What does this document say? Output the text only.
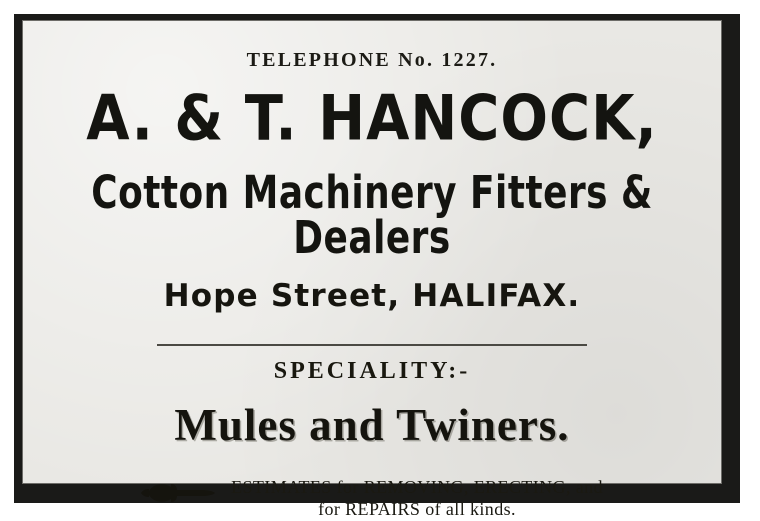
TELEPHONE No. 1227.
A. & T. HANCOCK,
Cotton Machinery Fitters & Dealers
Hope Street, HALIFAX.
SPECIALITY:-
Mules and Twiners.
ESTIMATES for REMOVING, ERECTING, and
for REPAIRS of all kinds.
